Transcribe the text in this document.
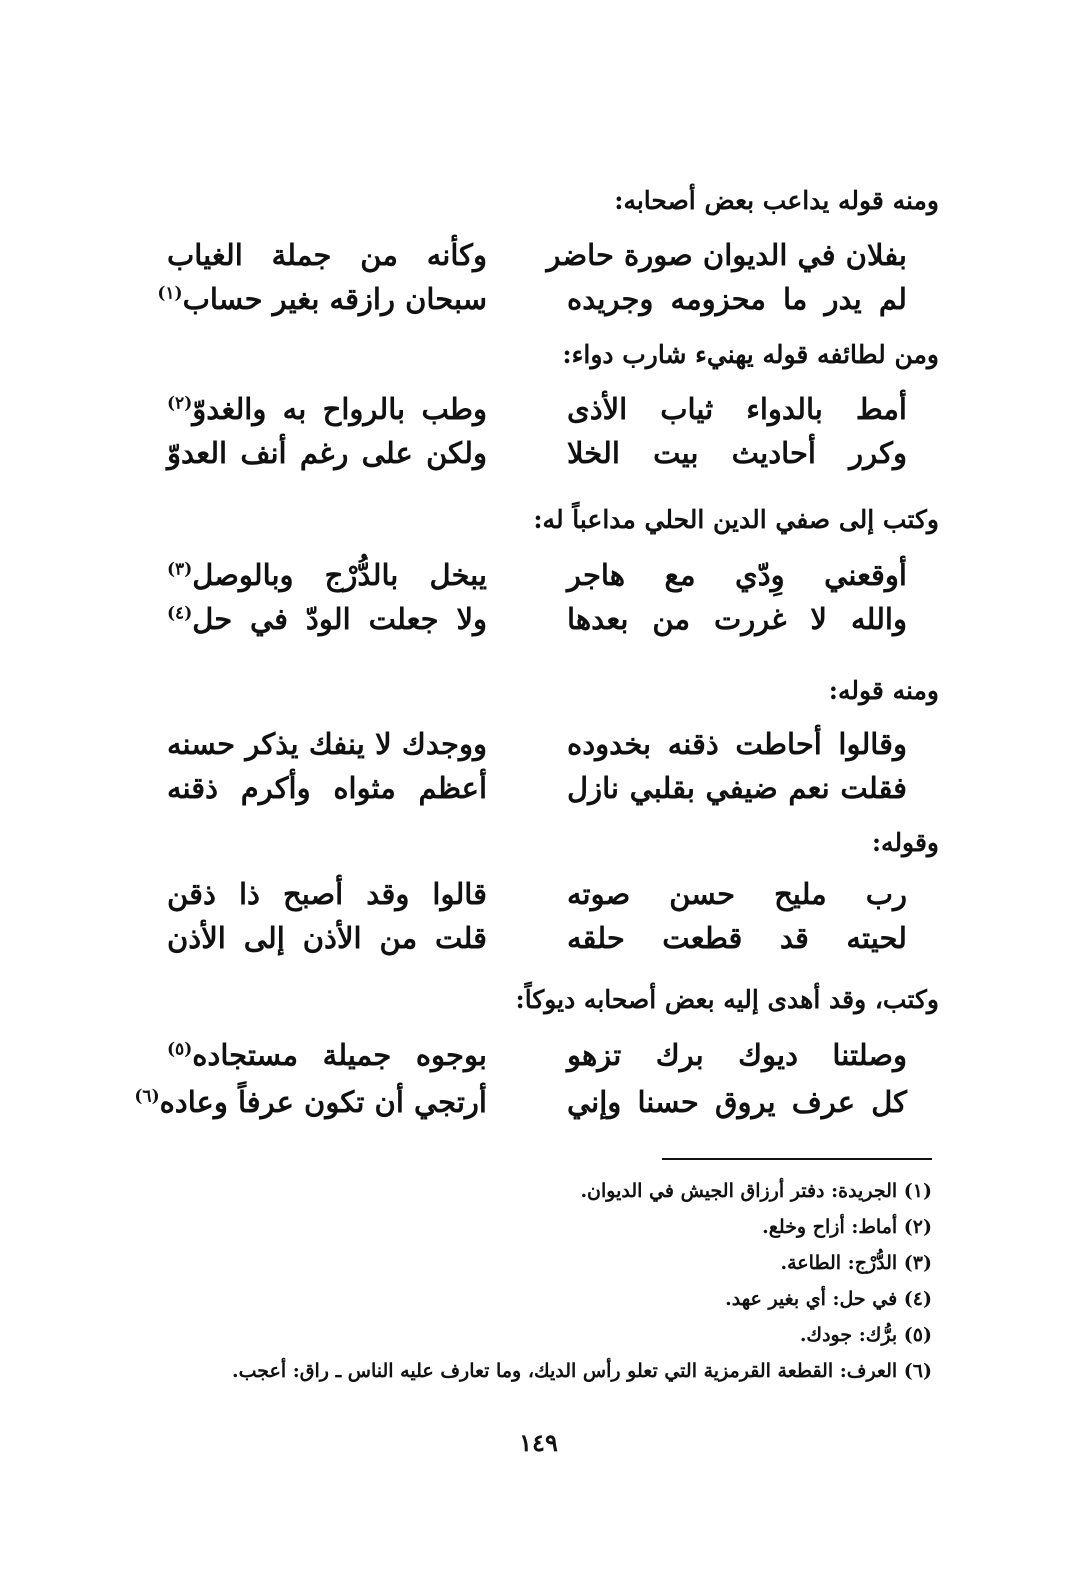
ومنه قوله يداعب بعض أصحابه:
بفلان في الديوان صورة حاضر
وكأنه من جملة الغياب
لم يدر ما محزومه وجريده
سبحان رازقه بغير حساب$^{(١)}$
ومن لطائفه قوله يهنيء شارب دواء:
أمط بالدواء ثياب الأذى
وطب بالرواح به والغدوّ$^{(٢)}$
وكرر أحاديث بيت الخلا
ولكن على رغم أنف العدوّ
وكتب إلى صفي الدين الحلي مداعباً له:
أوقعني وِدّي مع هاجر
يبخل بالدُّرْج وبالوصل$^{(٣)}$
والله لا غررت من بعدها
ولا جعلت الودّ في حل$^{(٤)}$
ومنه قوله:
وقالوا أحاطت ذقنه بخدوده
ووجدك لا ينفك يذكر حسنه
فقلت نعم ضيفي بقلبي نازل
أعظم مثواه وأكرم ذقنه
وقوله:
رب مليح حسن صوته
قالوا وقد أصبح ذا ذقن
لحيته قد قطعت حلقه
قلت من الأذن إلى الأذن
وكتب، وقد أهدى إليه بعض أصحابه ديوكاً:
وصلتنا ديوك برك تزهو
بوجوه جميلة مستجاده$^{(٥)}$
كل عرف يروق حسنا وإني
أرتجي أن تكون عرفاً وعاده$^{(٦)}$
(١) الجريدة: دفتر أرزاق الجيش في الديوان.
(٢) أماط: أزاح وخلع.
(٣) الدُّرْج: الطاعة.
(٤) في حل: أي بغير عهد.
(٥) برُّك: جودك.
(٦) العرف: القطعة القرمزية التي تعلو رأس الديك، وما تعارف عليه الناس ـ راق: أعجب.
١٤٩
